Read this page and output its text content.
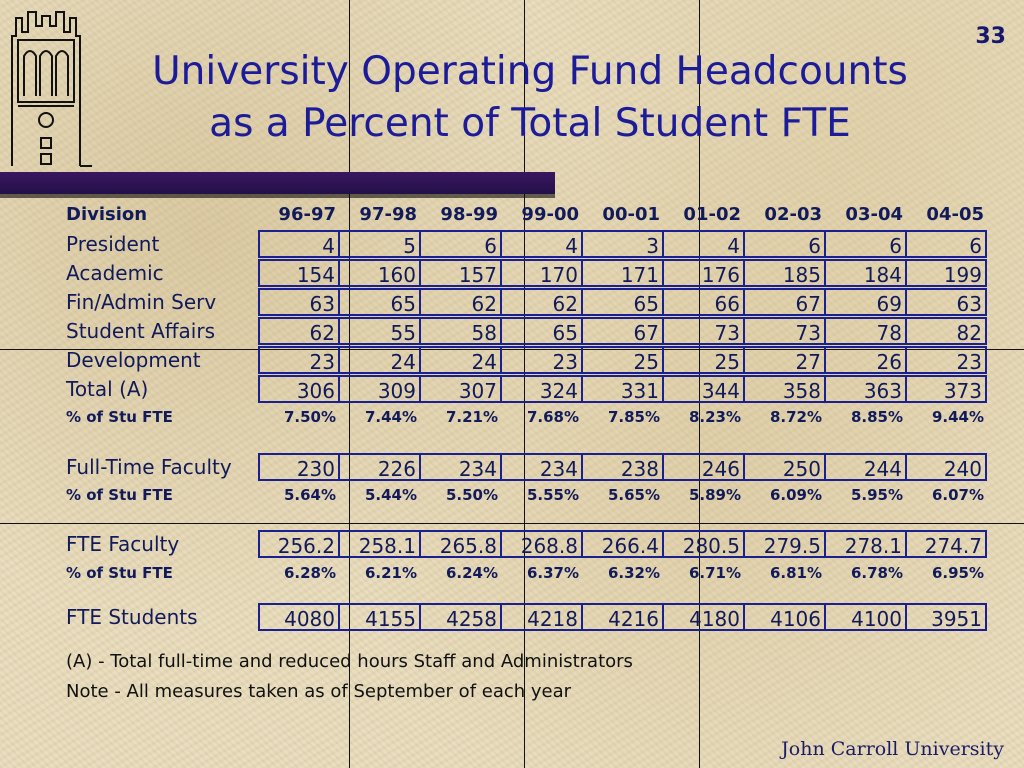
33
University Operating Fund Headcounts
as a Percent of Total Student FTE
Division	96-97	97-98	98-99	99-00	00-01	01-02	02-03	03-04	04-05
President	4	5	6	4	3	4	6	6	6
Academic	154	160	157	170	171	176	185	184	199
Fin/Admin Serv	63	65	62	62	65	66	67	69	63
Student Affairs	62	55	58	65	67	73	73	78	82
Development	23	24	24	23	25	25	27	26	23
Total (A)	306	309	307	324	331	344	358	363	373
% of Stu FTE	7.50%	7.44%	7.21%	7.68%	7.85%	8.23%	8.72%	8.85%	9.44%
Full-Time Faculty	230	226	234	234	238	246	250	244	240
% of Stu FTE	5.64%	5.44%	5.50%	5.55%	5.65%	5.89%	6.09%	5.95%	6.07%
FTE Faculty	256.2	258.1	265.8	268.8	266.4	280.5	279.5	278.1	274.7
% of Stu FTE	6.28%	6.21%	6.24%	6.37%	6.32%	6.71%	6.81%	6.78%	6.95%
FTE Students	4080	4155	4258	4218	4216	4180	4106	4100	3951
(A) - Total full-time and reduced hours Staff and Administrators
Note - All measures taken as of September of each year
John Carroll University
